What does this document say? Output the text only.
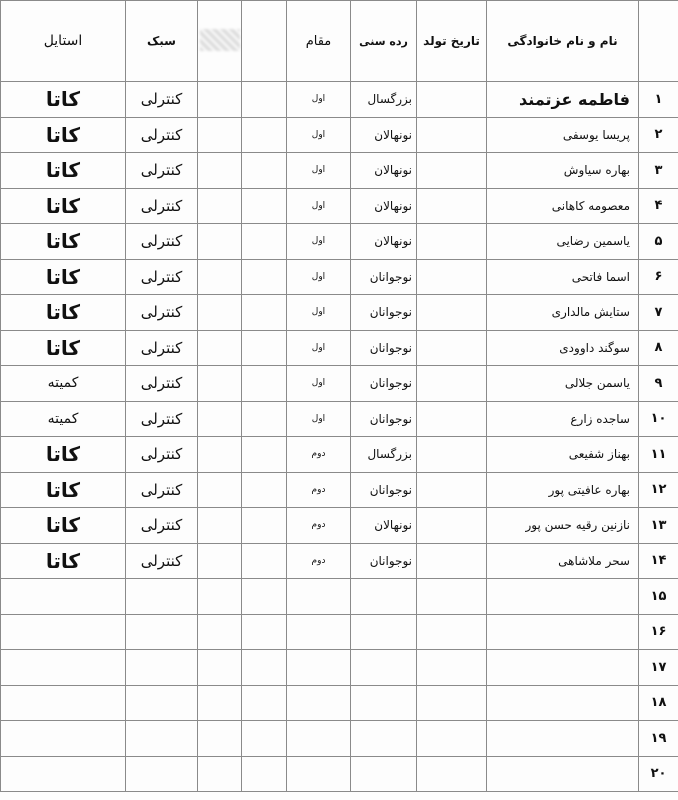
استایل	سبک			مقام	رده سنی	تاریخ تولد	نام و نام خانوادگی	
کاتا	کنترلی			اول	بزرگسال		فاطمه عزتمند	۱
کاتا	کنترلی			اول	نونهالان		پریسا یوسفی	۲
کاتا	کنترلی			اول	نونهالان		بهاره سیاوش	۳
کاتا	کنترلی			اول	نونهالان		معصومه کاهانی	۴
کاتا	کنترلی			اول	نونهالان		یاسمین رضایی	۵
کاتا	کنترلی			اول	نوجوانان		اسما فاتحی	۶
کاتا	کنترلی			اول	نوجوانان		ستایش مالداری	۷
کاتا	کنترلی			اول	نوجوانان		سوگند داوودی	۸
کمیته	کنترلی			اول	نوجوانان		یاسمن جلالی	۹
کمیته	کنترلی			اول	نوجوانان		ساجده زارع	۱۰
کاتا	کنترلی			دوم	بزرگسال		بهناز شفیعی	۱۱
کاتا	کنترلی			دوم	نوجوانان		بهاره عافیتی پور	۱۲
کاتا	کنترلی			دوم	نونهالان		نازنین رقیه حسن پور	۱۳
کاتا	کنترلی			دوم	نوجوانان		سحر ملاشاهی	۱۴
								۱۵
								۱۶
								۱۷
								۱۸
								۱۹
								۲۰
